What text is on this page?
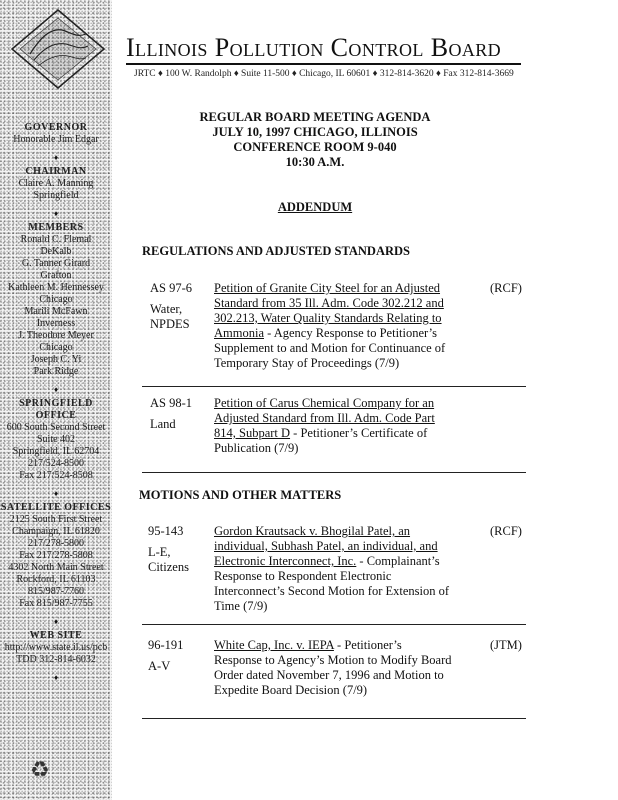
GOVERNOR
Honorable Jim Edgar
♦
CHAIRMAN
Claire A. Manning
Springfield
♦
MEMBERS
Ronald C. Flemal
DeKalb
G. Tanner Girard
Grafton
Kathleen M. Hennessey
Chicago
Marili McFawn
Inverness
J. Theodore Meyer
Chicago
Joseph C. Yi
Park Ridge
♦
SPRINGFIELD OFFICE
600 South Second Street
Suite 402
Springfield, IL 62704
217/524-8500
Fax 217/524-8508
♦
SATELLITE OFFICES
2125 South First Street
Champaign, IL 61820
217/278-5800
Fax 217/278-5808
4302 North Main Street
Rockford, IL 61103
815/987-7760
Fax 815/987-7755
♦
WEB SITE
http://www.state.il.us/pcb
TDD 312-814-6032
♦
♻
Illinois Pollution Control Board
JRTC ♦ 100 W. Randolph ♦ Suite 11-500 ♦ Chicago, IL 60601 ♦ 312-814-3620 ♦ Fax 312-814-3669
REGULAR BOARD MEETING AGENDA
JULY 10, 1997 CHICAGO, ILLINOIS
CONFERENCE ROOM 9-040
10:30 A.M.
ADDENDUM
REGULATIONS AND ADJUSTED STANDARDS
AS 97-6
Water, NPDES
Petition of Granite City Steel for an Adjusted Standard from 35 Ill. Adm. Code 302.212 and 302.213, Water Quality Standards Relating to Ammonia - Agency Response to Petitioner’s Supplement to and Motion for Continuance of Temporary Stay of Proceedings (7/9)
(RCF)
AS 98-1
Land
Petition of Carus Chemical Company for an Adjusted Standard from Ill. Adm. Code Part 814, Subpart D - Petitioner’s Certificate of Publication (7/9)
MOTIONS AND OTHER MATTERS
95-143
L-E, Citizens
Gordon Krautsack v. Bhogilal Patel, an individual, Subhash Patel, an individual, and Electronic Interconnect, Inc. - Complainant’s Response to Respondent Electronic Interconnect’s Second Motion for Extension of Time (7/9)
(RCF)
96-191
A-V
White Cap, Inc. v. IEPA - Petitioner’s Response to Agency’s Motion to Modify Board Order dated November 7, 1996 and Motion to Expedite Board Decision (7/9)
(JTM)
